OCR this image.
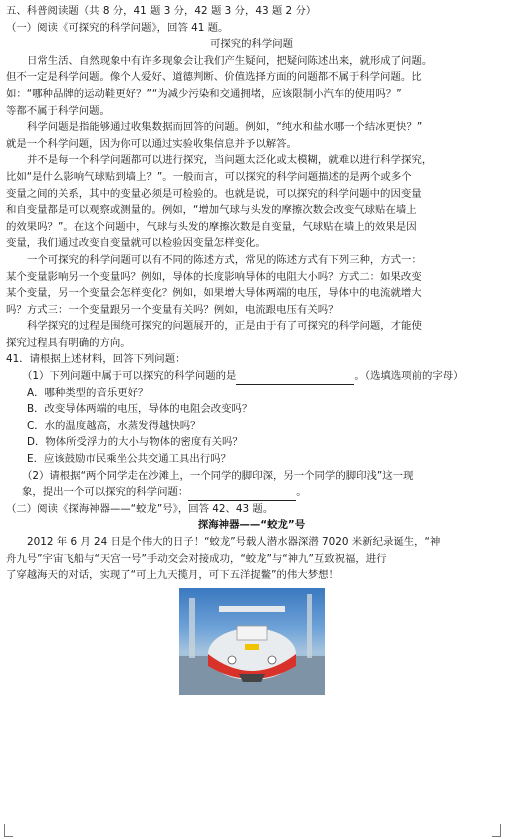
五、科普阅读题（共 8 分，41 题 3 分，42 题 3 分，43 题 2 分）
（一）阅读《可探究的科学问题》，回答 41 题。
可探究的科学问题
日常生活、自然现象中有许多现象会让我们产生疑问，把疑问陈述出来，就形成了问题。
但不一定是科学问题。像个人爱好、道德判断、价值选择方面的问题都不属于科学问题。比
如：“哪种品牌的运动鞋更好？”“为减少污染和交通拥堵，应该限制小汽车的使用吗？”
等都不属于科学问题。
科学问题是指能够通过收集数据而回答的问题。例如，“纯水和盐水哪一个结冰更快？”
就是一个科学问题，因为你可以通过实验收集信息并予以解答。
并不是每一个科学问题都可以进行探究，当问题太泛化或太模糊，就难以进行科学探究，
比如“是什么影响气球贴到墙上？”。一般而言，可以探究的科学问题描述的是两个或多个
变量之间的关系，其中的变量必须是可检验的。也就是说，可以探究的科学问题中的因变量
和自变量都是可以观察或测量的。例如，“增加气球与头发的摩擦次数会改变气球贴在墙上
的效果吗？”。在这个问题中，气球与头发的摩擦次数是自变量，气球贴在墙上的效果是因
变量，我们通过改变自变量就可以检验因变量怎样变化。
一个可探究的科学问题可以有不同的陈述方式，常见的陈述方式有下列三种，方式一：
某个变量影响另一个变量吗？例如，导体的长度影响导体的电阻大小吗？方式二：如果改变
某个变量，另一个变量会怎样变化？例如，如果增大导体两端的电压，导体中的电流就增大
吗？方式三：一个变量跟另一个变量有关吗？例如，电流跟电压有关吗？
科学探究的过程是围绕可探究的问题展开的，正是由于有了可探究的科学问题，才能使
探究过程具有明确的方向。
41．请根据上述材料，回答下列问题：
（1）下列问题中属于可以探究的科学问题的是	。（选填选项前的字母）
A．哪种类型的音乐更好？
B．改变导体两端的电压，导体的电阻会改变吗？
C．水的温度越高，水蒸发得越快吗？
D．物体所受浮力的大小与物体的密度有关吗？
E．应该鼓励市民乘坐公共交通工具出行吗？
（2）请根据“两个同学走在沙滩上，一个同学的脚印深，另一个同学的脚印浅”这一现
象，提出一个可以探究的科学问题：	。
（二）阅读《探海神器——“蛟龙”号》，回答 42、43 题。
探海神器——“蛟龙”号
2012 年 6 月 24 日是个伟大的日子！“蛟龙”号载人潜水器深潜 7020 米新纪录诞生，“神
舟九号”宇宙飞船与“天宫一号”手动交会对接成功，“蛟龙”与“神九”互致祝福，进行
了穿越海天的对话，实现了“可上九天揽月，可下五洋捉鳖”的伟大梦想！
